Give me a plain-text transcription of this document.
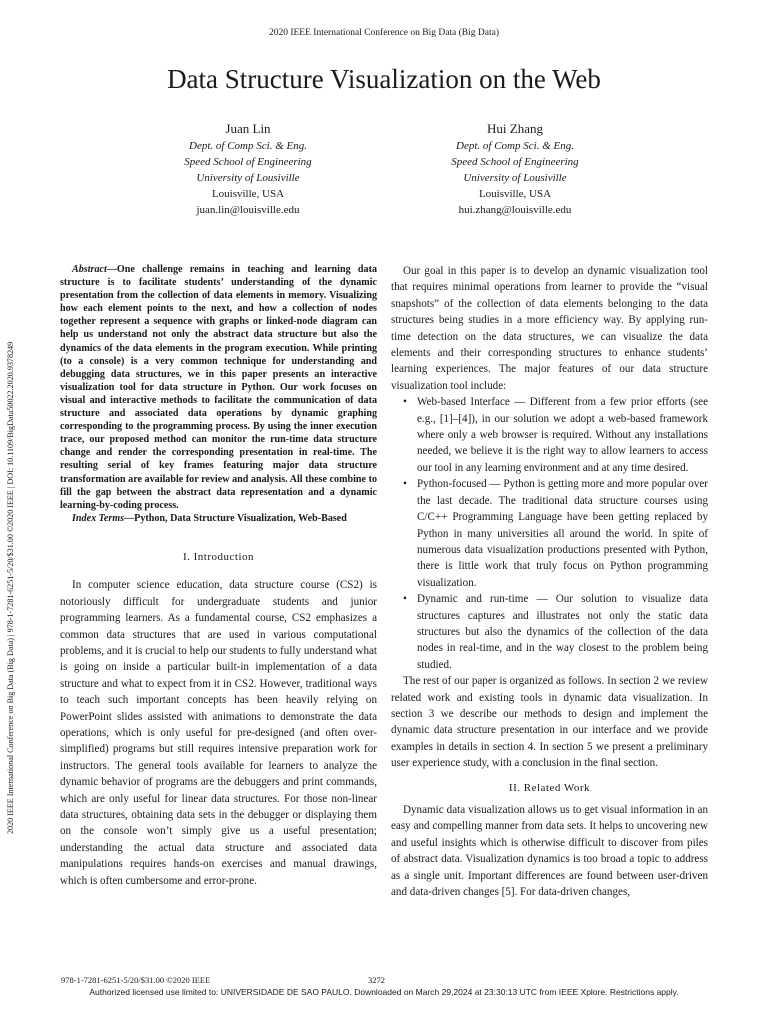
2020 IEEE International Conference on Big Data (Big Data)
Data Structure Visualization on the Web
Juan Lin
Dept. of Comp Sci. & Eng.
Speed School of Engineering
University of Lousiville
Louisville, USA
juan.lin@louisville.edu
Hui Zhang
Dept. of Comp Sci. & Eng.
Speed School of Engineering
University of Lousiville
Louisville, USA
hui.zhang@louisville.edu
2020 IEEE International Conference on Big Data (Big Data) | 978-1-7281-6251-5/20/$31.00 ©2020 IEEE | DOI: 10.1109/BigData50022.2020.9378249

Abstract—One challenge remains in teaching and learning data structure is to facilitate students’ understanding of the dynamic presentation from the collection of data elements in memory. Visualizing how each element points to the next, and how a collection of nodes together represent a sequence with graphs or linked-node diagram can help us understand not only the abstract data structure but also the dynamics of the data elements in the program execution. While printing (to a console) is a very common technique for understanding and debugging data structures, we in this paper presents an interactive visualization tool for data structure in Python. Our work focuses on visual and interactive methods to facilitate the communication of data structure and associated data operations by dynamic graphing corresponding to the programming process. By using the inner execution trace, our proposed method can monitor the run-time data structure change and render the corresponding presentation in real-time. The resulting serial of key frames featuring major data structure transformation are available for review and analysis. All these combine to fill the gap between the abstract data representation and a dynamic learning-by-coding process.

Index Terms—Python, Data Structure Visualization, Web-Based

I. Introduction

In computer science education, data structure course (CS2) is notoriously difficult for undergraduate students and junior programming learners. As a fundamental course, CS2 emphasizes a common data structures that are used in various computational problems, and it is crucial to help our students to fully understand what is going on inside a particular built-in implementation of a data structure and what to expect from it in CS2. However, traditional ways to teach such important concepts has been heavily relying on PowerPoint slides assisted with animations to demonstrate the data operations, which is only useful for pre-designed (and often over-simplified) programs but still requires intensive preparation work for instructors. The general tools available for learners to analyze the dynamic behavior of programs are the debuggers and print commands, which are only useful for linear data structures. For those non-linear data structures, obtaining data sets in the debugger or displaying them on the console won’t simply give us a useful presentation; understanding the actual data structure and associated data manipulations requires hands-on exercises and manual drawings, which is often cumbersome and error-prone.

Our goal in this paper is to develop an dynamic visualization tool that requires minimal operations from learner to provide the “visual snapshots” of the collection of data elements belonging to the data structures being studies in a more efficiency way. By applying run-time detection on the data structures, we can visualize the data elements and their corresponding structures to enhance students’ learning experiences. The major features of our data structure visualization tool include:

• Web-based Interface — Different from a few prior efforts (see e.g., [1]–[4]), in our solution we adopt a web-based framework where only a web browser is required. Without any installations needed, we believe it is the right way to allow learners to access our tool in any learning environment and at any time desired.
• Python-focused — Python is getting more and more popular over the last decade. The traditional data structure courses using C/C++ Programming Language have been getting replaced by Python in many universities all around the world. In spite of numerous data visualization productions presented with Python, there is little work that truly focus on Python programming visualization.
• Dynamic and run-time — Our solution to visualize data structures captures and illustrates not only the static data structures but also the dynamics of the collection of the data nodes in real-time, and in the way closest to the problem being studied.

The rest of our paper is organized as follows. In section 2 we review related work and existing tools in dynamic data visualization. In section 3 we describe our methods to design and implement the dynamic data structure presentation in our interface and we provide examples in details in section 4. In section 5 we present a preliminary user experience study, with a conclusion in the final section.

II. Related Work

Dynamic data visualization allows us to get visual information in an easy and compelling manner from data sets. It helps to uncovering new and useful insights which is otherwise difficult to discover from piles of abstract data. Visualization dynamics is too broad a topic to address as a single unit. Important differences are found between user-driven and data-driven changes [5]. For data-driven changes,

978-1-7281-6251-5/20/$31.00 ©2020 IEEE	3272
Authorized licensed use limited to: UNIVERSIDADE DE SAO PAULO. Downloaded on March 29,2024 at 23:30:13 UTC from IEEE Xplore. Restrictions apply.
